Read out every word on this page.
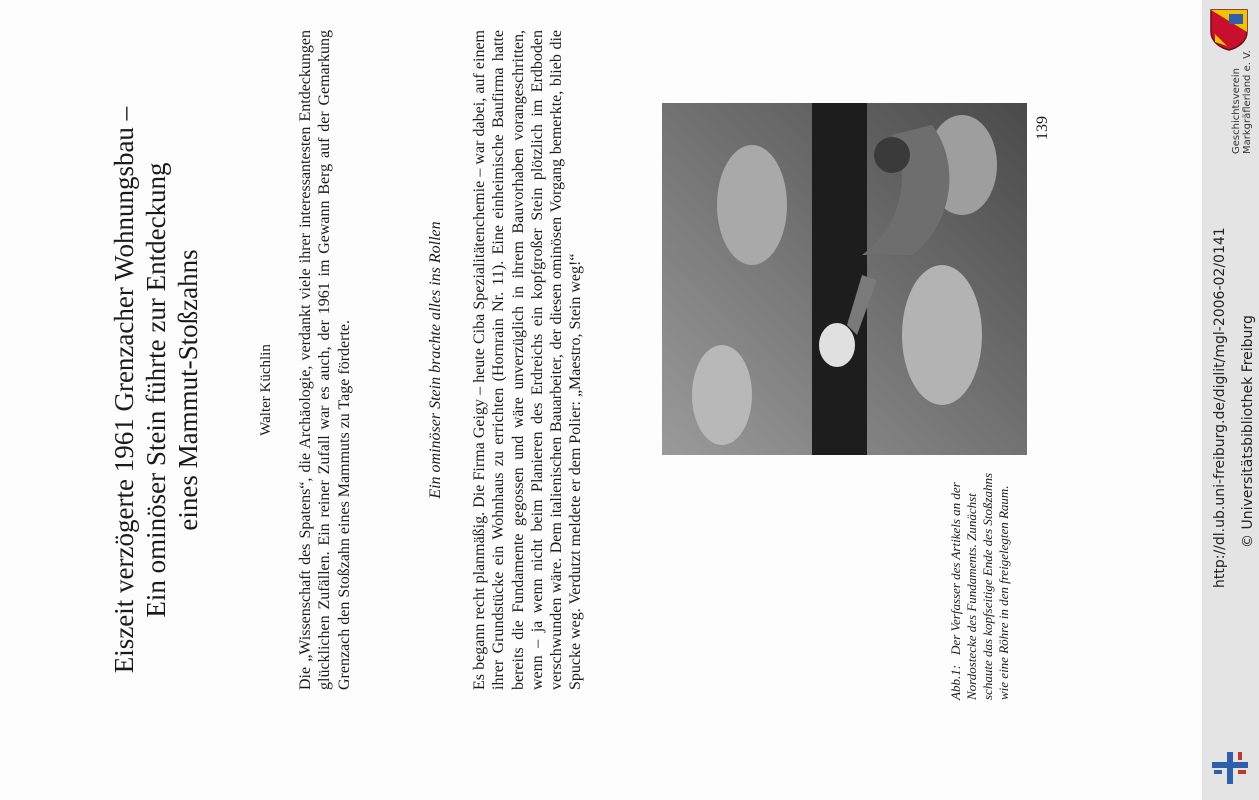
Eiszeit verzögerte 1961 Grenzacher Wohnungsbau – Ein ominöser Stein führte zur Entdeckung eines Mammut-Stoßzahns	Walter Küchlin Die „Wissenschaft des Spatens“, die Archäologie, verdankt viele ihrer interessantesten Entdeckungen glücklichen Zufällen. Ein reiner Zufall war es auch, der 1961 im Gewann Berg auf der Gemarkung Grenzach den Stoßzahn eines Mammuts zu Tage förderte.	Ein ominöser Stein brachte alles ins Rollen Es begann recht planmäßig. Die Firma Geigy – heute Ciba Spezialitätenchemie – war dabei, auf einem ihrer Grundstücke ein Wohnhaus zu errichten (Hornrain Nr. 11). Eine einheimische Baufirma hatte bereits die Fundamente gegossen und wäre unverzüglich in ihrem Bauvorhaben vorangeschritten, wenn – ja wenn nicht beim Planieren des Erdreichs ein kopfgroßer Stein plötzlich im Erdboden verschwunden wäre. Dem italienischen Bauarbeiter, der diesen ominösen Vorgang bemerkte, blieb die Spucke weg. Verdutzt meldete er dem Polier: „Maestro, Stein weg!“	Abb.1:Der Verfasser des Artikels an der Nordostecke des Fundaments. Zunächst schaute das kopfseitige Ende des Stoßzahns wie eine Röhre in den freigelegten Raum.
139	Geschichtsverein Markgräflerland e. V.
http://dl.ub.uni-freiburg.de/diglit/mgl-2006-02/0141 © Universitätsbibliothek Freiburg
